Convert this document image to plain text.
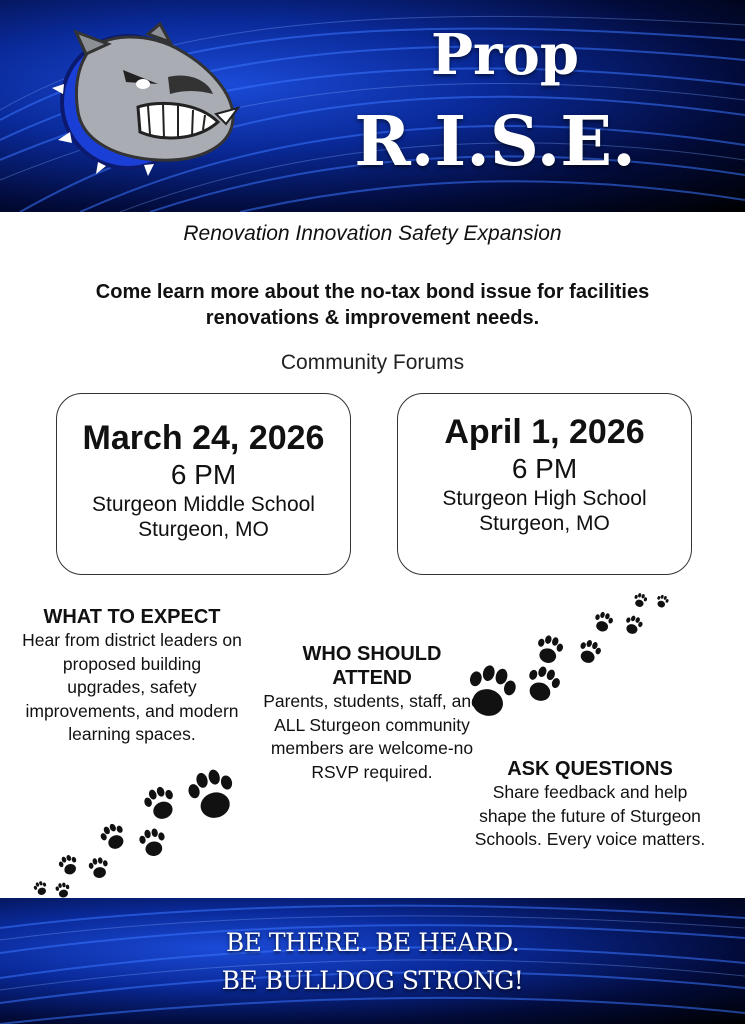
Prop
R.I.S.E.
Renovation Innovation Safety Expansion
Come learn more about the no-tax bond issue for facilities renovations & improvement needs.
Community Forums
March 24, 2026
6 PM
Sturgeon Middle School
Sturgeon, MO
April 1, 2026
6 PM
Sturgeon High School
Sturgeon, MO
WHAT TO EXPECT

Hear from district leaders on proposed building upgrades, safety improvements, and modern learning spaces.

WHO SHOULD ATTEND

Parents, students, staff, and ALL Sturgeon community members are welcome-no RSVP required.	ASK QUESTIONS

Share feedback and help shape the future of Sturgeon Schools. Every voice matters.

BE THERE. BE HEARD.
BE BULLDOG STRONG!
